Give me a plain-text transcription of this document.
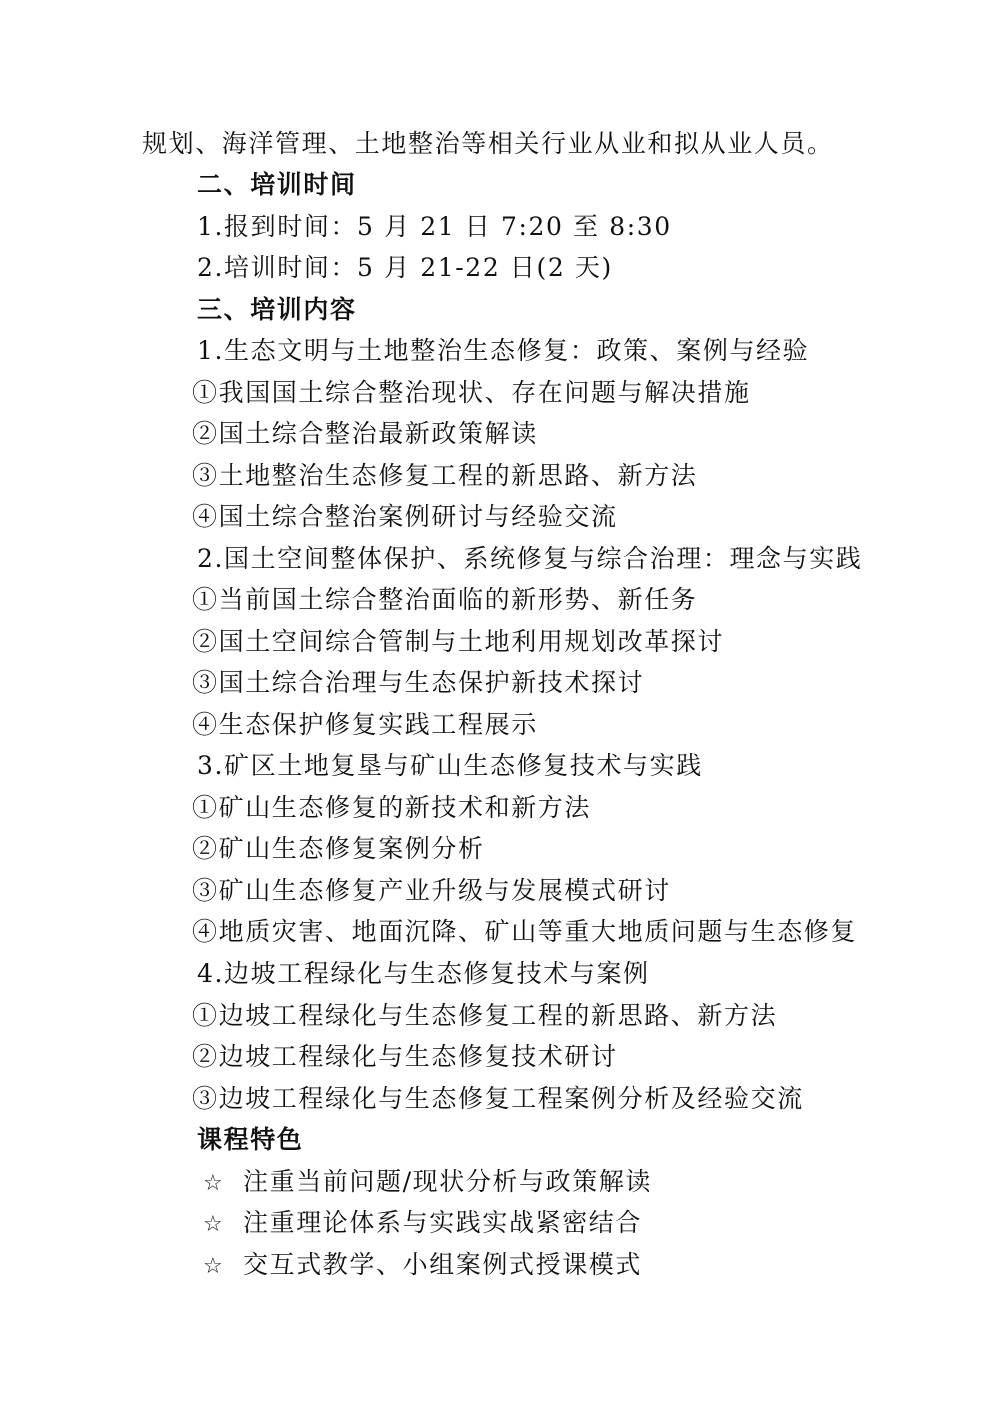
规划、海洋管理、土地整治等相关行业从业和拟从业人员。
二、培训时间
1.报到时间：5 月 21 日 7:20 至 8:30
2.培训时间：5 月 21-22 日(2 天)
三、培训内容
1.生态文明与土地整治生态修复：政策、案例与经验
①我国国土综合整治现状、存在问题与解决措施
②国土综合整治最新政策解读
③土地整治生态修复工程的新思路、新方法
④国土综合整治案例研讨与经验交流
2.国土空间整体保护、系统修复与综合治理：理念与实践
①当前国土综合整治面临的新形势、新任务
②国土空间综合管制与土地利用规划改革探讨
③国土综合治理与生态保护新技术探讨
④生态保护修复实践工程展示
3.矿区土地复垦与矿山生态修复技术与实践
①矿山生态修复的新技术和新方法
②矿山生态修复案例分析
③矿山生态修复产业升级与发展模式研讨
④地质灾害、地面沉降、矿山等重大地质问题与生态修复
4.边坡工程绿化与生态修复技术与案例
①边坡工程绿化与生态修复工程的新思路、新方法
②边坡工程绿化与生态修复技术研讨
③边坡工程绿化与生态修复工程案例分析及经验交流
课程特色
☆ 注重当前问题/现状分析与政策解读
☆ 注重理论体系与实践实战紧密结合
☆ 交互式教学、小组案例式授课模式
